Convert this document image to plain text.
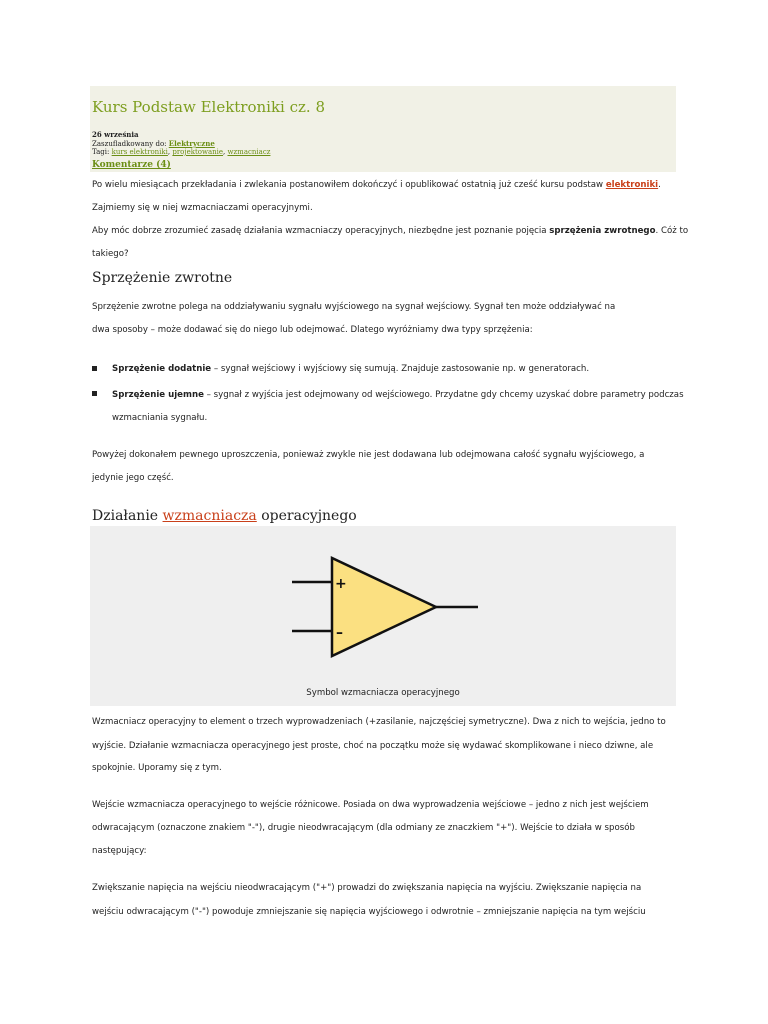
Kurs Podstaw Elektroniki cz. 8
26 września
Zaszufladkowany do: Elektryczne
Tagi: kurs elektroniki, projektowanie, wzmacniacz
Komentarze (4)

Po wielu miesiącach przekładania i zwlekania postanowiłem dokończyć i opublikować ostatnią już cześć kursu podstaw elektroniki.

Zajmiemy się w niej wzmacniaczami operacyjnymi.

Aby móc dobrze zrozumieć zasadę działania wzmacniaczy operacyjnych, niezbędne jest poznanie pojęcia sprzężenia zwrotnego. Cóż to

takiego?

Sprzężenie zwrotne

Sprzężenie zwrotne polega na oddziaływaniu sygnału wyjściowego na sygnał wejściowy. Sygnał ten może oddziaływać na

dwa sposoby – może dodawać się do niego lub odejmować. Dlatego wyróżniamy dwa typy sprzężenia:

Sprzężenie dodatnie – sygnał wejściowy i wyjściowy się sumują. Znajduje zastosowanie np. w generatorach.

Sprzężenie ujemne – sygnał z wyjścia jest odejmowany od wejściowego. Przydatne gdy chcemy uzyskać dobre parametry podczas

wzmacniania sygnału.

Powyżej dokonałem pewnego uproszczenia, ponieważ zwykle nie jest dodawana lub odejmowana całość sygnału wyjściowego, a

jedynie jego część.

Działanie wzmacniacza operacyjnego
+
–
Symbol wzmacniacza operacyjnego

Wzmacniacz operacyjny to element o trzech wyprowadzeniach (+zasilanie, najczęściej symetryczne). Dwa z nich to wejścia, jedno to

wyjście. Działanie wzmacniacza operacyjnego jest proste, choć na początku może się wydawać skomplikowane i nieco dziwne, ale

spokojnie. Uporamy się z tym.

Wejście wzmacniacza operacyjnego to wejście różnicowe. Posiada on dwa wyprowadzenia wejściowe – jedno z nich jest wejściem

odwracającym (oznaczone znakiem "-"), drugie nieodwracającym (dla odmiany ze znaczkiem "+"). Wejście to działa w sposób

następujący:

Zwiększanie napięcia na wejściu nieodwracającym ("+") prowadzi do zwiększania napięcia na wyjściu. Zwiększanie napięcia na

wejściu odwracającym ("-") powoduje zmniejszanie się napięcia wyjściowego i odwrotnie – zmniejszanie napięcia na tym wejściu
